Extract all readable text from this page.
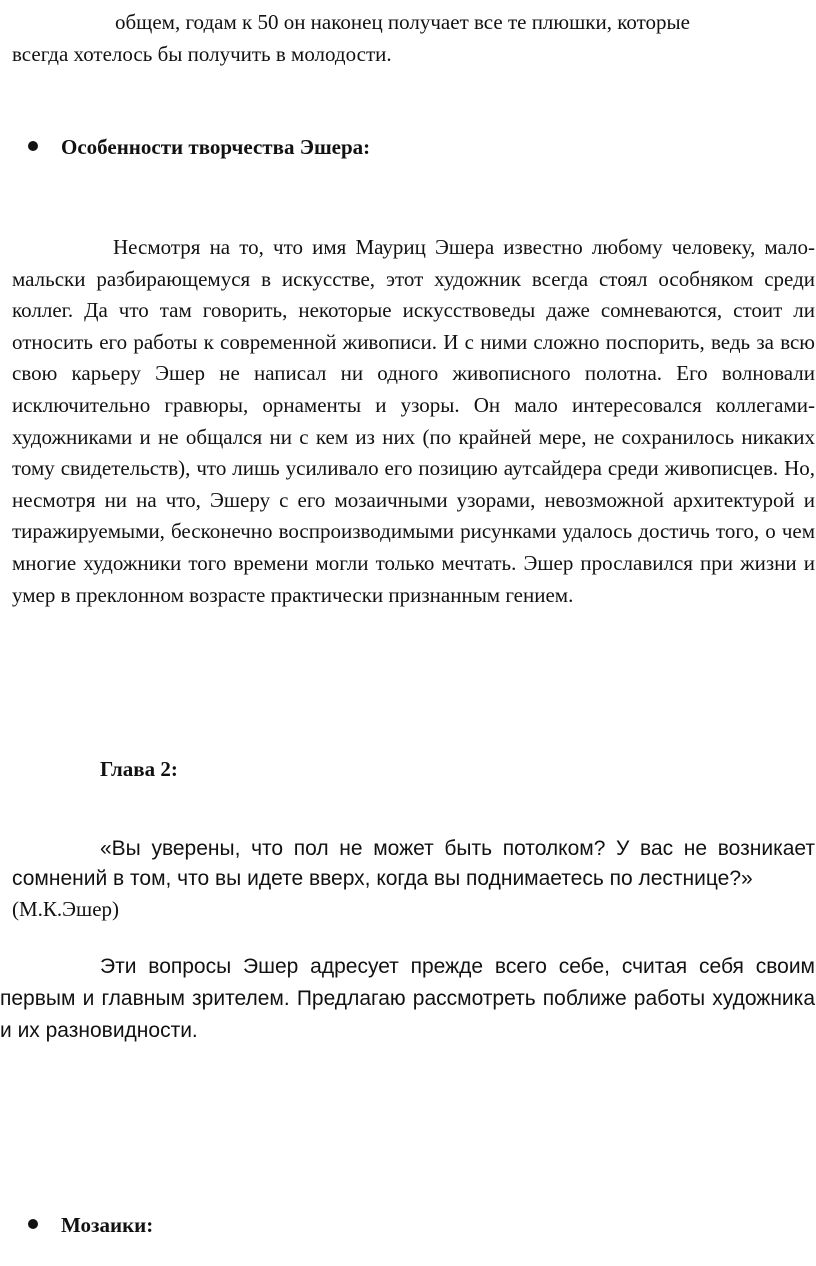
общем, годам к 50 он наконец получает все те плюшки, которые
всегда хотелось бы получить в молодости.
Особенности творчества Эшера:
Несмотря на то, что имя Мауриц Эшера известно любому человеку, мало-мальски разбирающемуся в искусстве, этот художник всегда стоял особняком среди коллег. Да что там говорить, некоторые искусствоведы даже сомневаются, стоит ли относить его работы к современной живописи. И с ними сложно поспорить, ведь за всю свою карьеру Эшер не написал ни одного живописного полотна. Его волновали исключительно гравюры, орнаменты и узоры. Он мало интересовался коллегами-художниками и не общался ни с кем из них (по крайней мере, не сохранилось никаких тому свидетельств), что лишь усиливало его позицию аутсайдера среди живописцев. Но, несмотря ни на что, Эшеру с его мозаичными узорами, невозможной архитектурой и тиражируемыми, бесконечно воспроизводимыми рисунками удалось достичь того, о чем многие художники того времени могли только мечтать. Эшер прославился при жизни и умер в преклонном возрасте практически признанным гением.
Глава 2:
«Вы уверены, что пол не может быть потолком? У вас не возникает сомнений в том, что вы идете вверх, когда вы поднимаетесь по лестнице?»
(М.К.Эшер)
Эти вопросы Эшер адресует прежде всего себе, считая себя своим первым и главным зрителем. Предлагаю рассмотреть поближе работы художника и их разновидности.
Мозаики:
